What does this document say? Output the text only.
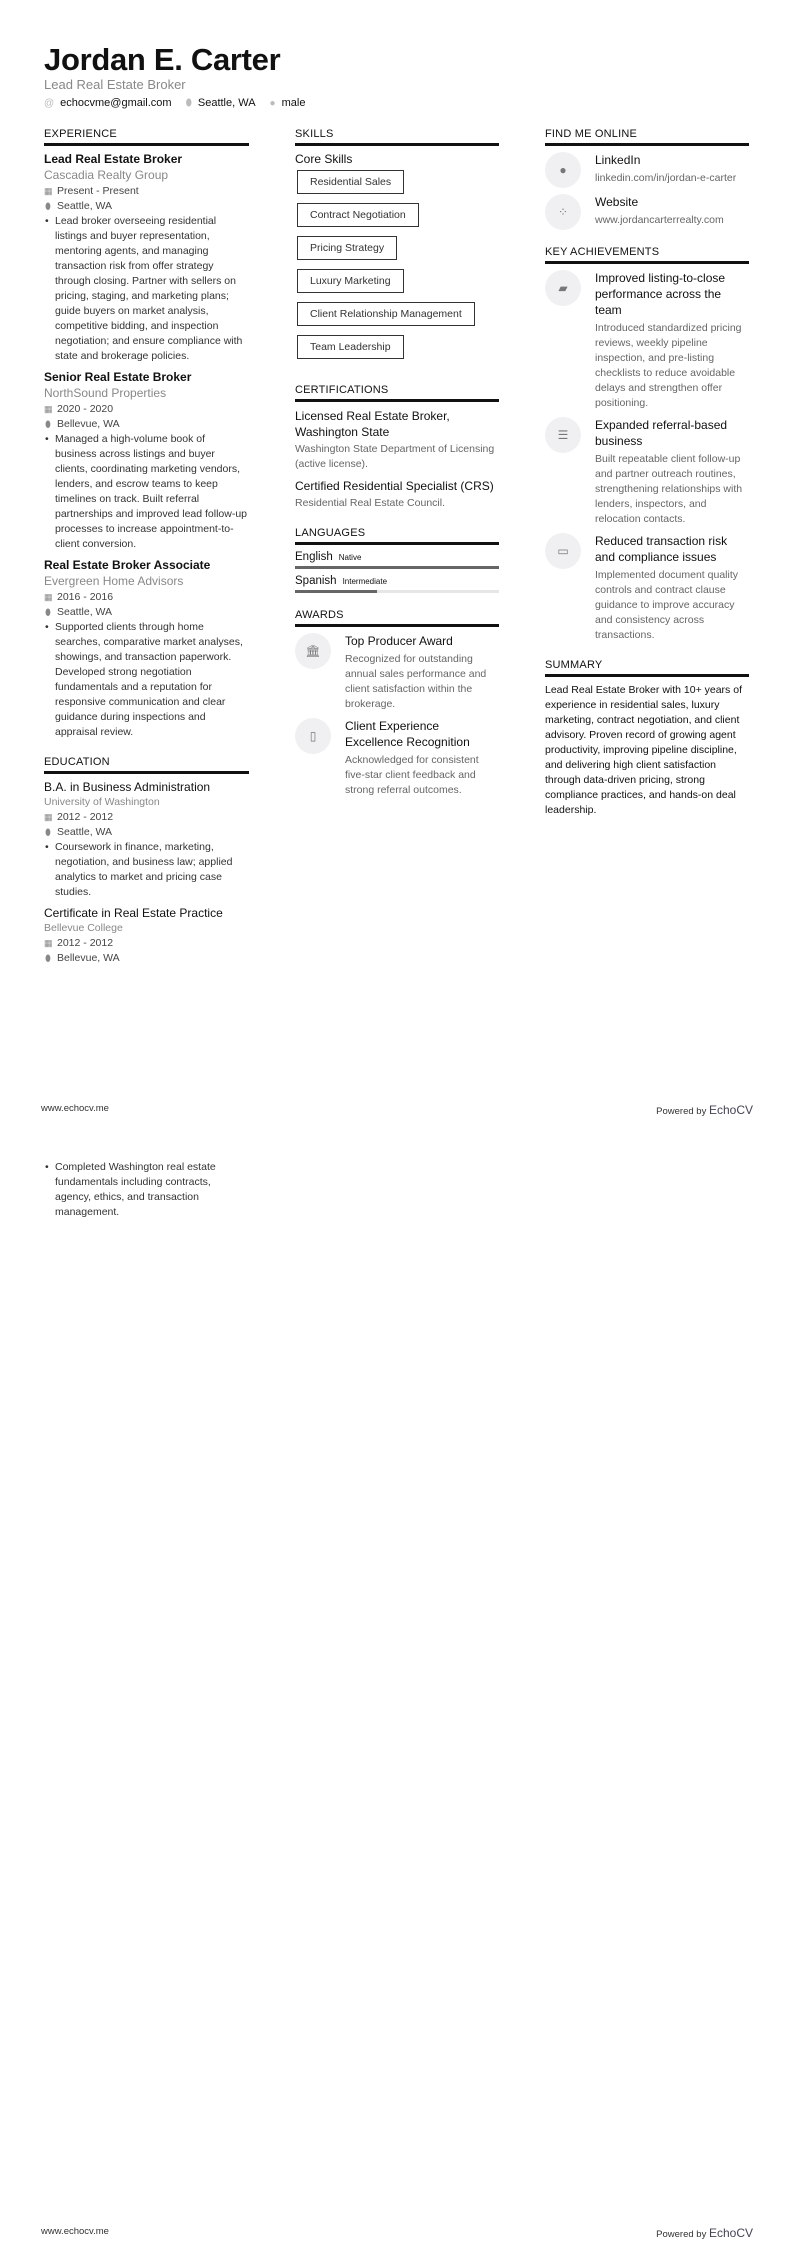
Jordan E. Carter
Lead Real Estate Broker
@ echocvme@gmail.com ⬮ Seattle, WA ● male
EXPERIENCE
Lead Real Estate Broker
Cascadia Realty Group
▦ Present - Present
⬮ Seattle, WA
• Lead broker overseeing residential listings and buyer representation, mentoring agents, and managing transaction risk from offer strategy through closing. Partner with sellers on pricing, staging, and marketing plans; guide buyers on market analysis, competitive bidding, and inspection negotiation; and ensure compliance with state and brokerage policies.
Senior Real Estate Broker
NorthSound Properties
▦ 2020 - 2020
⬮ Bellevue, WA
• Managed a high-volume book of business across listings and buyer clients, coordinating marketing vendors, lenders, and escrow teams to keep timelines on track. Built referral partnerships and improved lead follow-up processes to increase appointment-to-client conversion.
Real Estate Broker Associate
Evergreen Home Advisors
▦ 2016 - 2016
⬮ Seattle, WA
• Supported clients through home searches, comparative market analyses, showings, and transaction paperwork. Developed strong negotiation fundamentals and a reputation for responsive communication and clear guidance during inspections and appraisal review.
EDUCATION
B.A. in Business Administration
University of Washington
▦ 2012 - 2012
⬮ Seattle, WA
• Coursework in finance, marketing, negotiation, and business law; applied analytics to market and pricing case studies.
Certificate in Real Estate Practice
Bellevue College
▦ 2012 - 2012
⬮ Bellevue, WA
SKILLS
Core Skills
Residential Sales
Contract Negotiation
Pricing Strategy
Luxury Marketing
Client Relationship Management
Team Leadership
CERTIFICATIONS
Licensed Real Estate Broker, Washington State
Washington State Department of Licensing (active license).
Certified Residential Specialist (CRS)
Residential Real Estate Council.
LANGUAGES
English Native
Spanish Intermediate
AWARDS
🏛
Top Producer Award
Recognized for outstanding annual sales performance and client satisfaction within the brokerage.
▯
Client Experience Excellence Recognition
Acknowledged for consistent five-star client feedback and strong referral outcomes.
FIND ME ONLINE
●
LinkedIn
linkedin.com/in/jordan-e-carter
⁘
Website
www.jordancarterrealty.com
KEY ACHIEVEMENTS
▰
Improved listing-to-close performance across the team
Introduced standardized pricing reviews, weekly pipeline inspection, and pre-listing checklists to reduce avoidable delays and strengthen offer positioning.
☰
Expanded referral-based business
Built repeatable client follow-up and partner outreach routines, strengthening relationships with lenders, inspectors, and relocation contacts.
▭
Reduced transaction risk and compliance issues
Implemented document quality controls and contract clause guidance to improve accuracy and consistency across transactions.
SUMMARY
Lead Real Estate Broker with 10+ years of experience in residential sales, luxury marketing, contract negotiation, and client advisory. Proven record of growing agent productivity, improving pipeline discipline, and delivering high client satisfaction through data-driven pricing, strong compliance practices, and hands-on deal leadership.
www.echocv.me	Powered by EchoCV
• Completed Washington real estate fundamentals including contracts, agency, ethics, and transaction management.
www.echocv.me	Powered by EchoCV
